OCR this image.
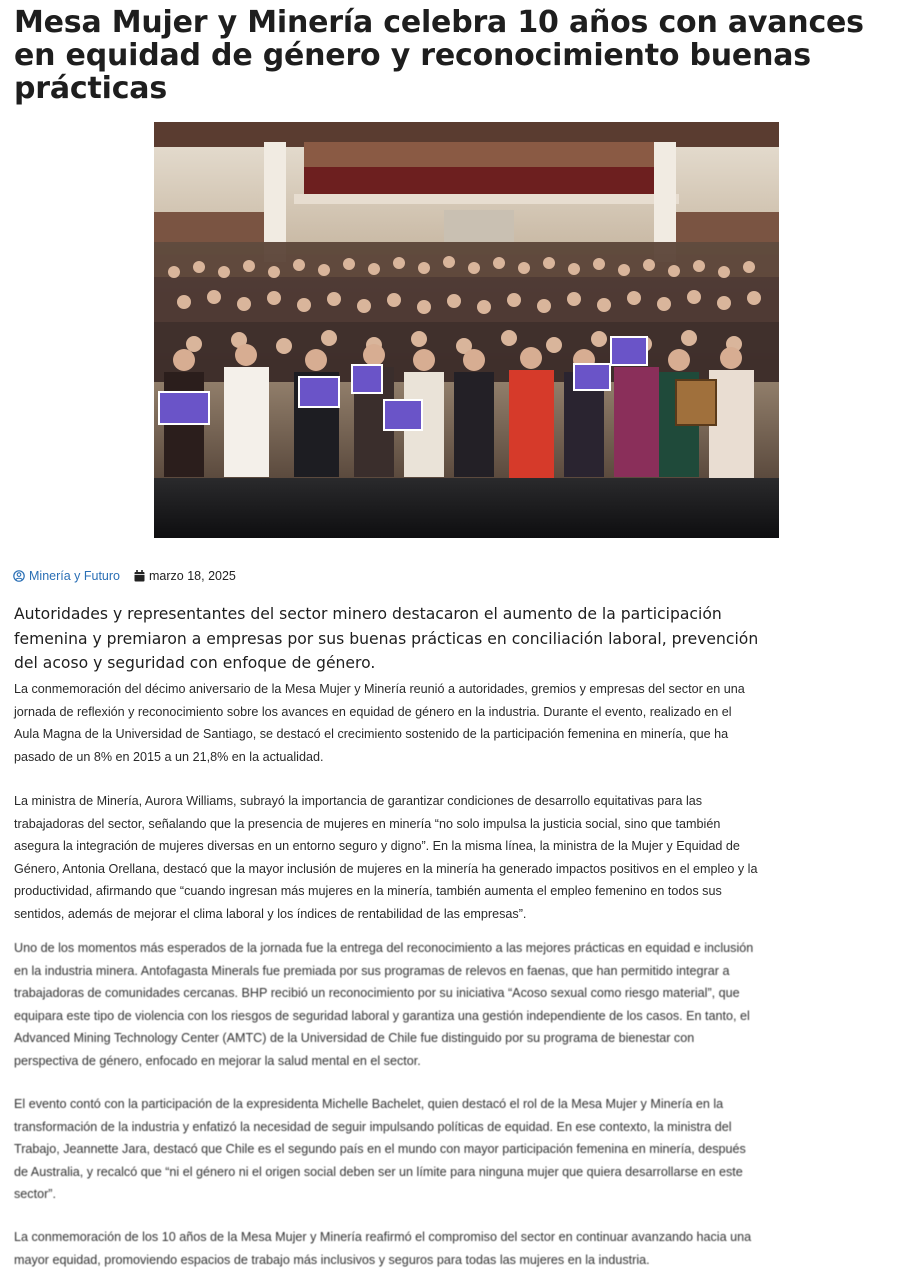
Mesa Mujer y Minería celebra 10 años con avances en equidad de género y reconocimiento buenas prácticas
Minería y Futuro marzo 18, 2025

Autoridades y representantes del sector minero destacaron el aumento de la participación femenina y premiaron a empresas por sus buenas prácticas en conciliación laboral, prevención del acoso y seguridad con enfoque de género.

La conmemoración del décimo aniversario de la Mesa Mujer y Minería reunió a autoridades, gremios y empresas del sector en una jornada de reflexión y reconocimiento sobre los avances en equidad de género en la industria. Durante el evento, realizado en el Aula Magna de la Universidad de Santiago, se destacó el crecimiento sostenido de la participación femenina en minería, que ha pasado de un 8% en 2015 a un 21,8% en la actualidad.

La ministra de Minería, Aurora Williams, subrayó la importancia de garantizar condiciones de desarrollo equitativas para las trabajadoras del sector, señalando que la presencia de mujeres en minería “no solo impulsa la justicia social, sino que también asegura la integración de mujeres diversas en un entorno seguro y digno”. En la misma línea, la ministra de la Mujer y Equidad de Género, Antonia Orellana, destacó que la mayor inclusión de mujeres en la minería ha generado impactos positivos en el empleo y la productividad, afirmando que “cuando ingresan más mujeres en la minería, también aumenta el empleo femenino en todos sus sentidos, además de mejorar el clima laboral y los índices de rentabilidad de las empresas”.

Uno de los momentos más esperados de la jornada fue la entrega del reconocimiento a las mejores prácticas en equidad e inclusión en la industria minera. Antofagasta Minerals fue premiada por sus programas de relevos en faenas, que han permitido integrar a trabajadoras de comunidades cercanas. BHP recibió un reconocimiento por su iniciativa “Acoso sexual como riesgo material”, que equipara este tipo de violencia con los riesgos de seguridad laboral y garantiza una gestión independiente de los casos. En tanto, el Advanced Mining Technology Center (AMTC) de la Universidad de Chile fue distinguido por su programa de bienestar con perspectiva de género, enfocado en mejorar la salud mental en el sector.

El evento contó con la participación de la expresidenta Michelle Bachelet, quien destacó el rol de la Mesa Mujer y Minería en la transformación de la industria y enfatizó la necesidad de seguir impulsando políticas de equidad. En ese contexto, la ministra del Trabajo, Jeannette Jara, destacó que Chile es el segundo país en el mundo con mayor participación femenina en minería, después de Australia, y recalcó que “ni el género ni el origen social deben ser un límite para ninguna mujer que quiera desarrollarse en este sector”.

La conmemoración de los 10 años de la Mesa Mujer y Minería reafirmó el compromiso del sector en continuar avanzando hacia una mayor equidad, promoviendo espacios de trabajo más inclusivos y seguros para todas las mujeres en la industria.
